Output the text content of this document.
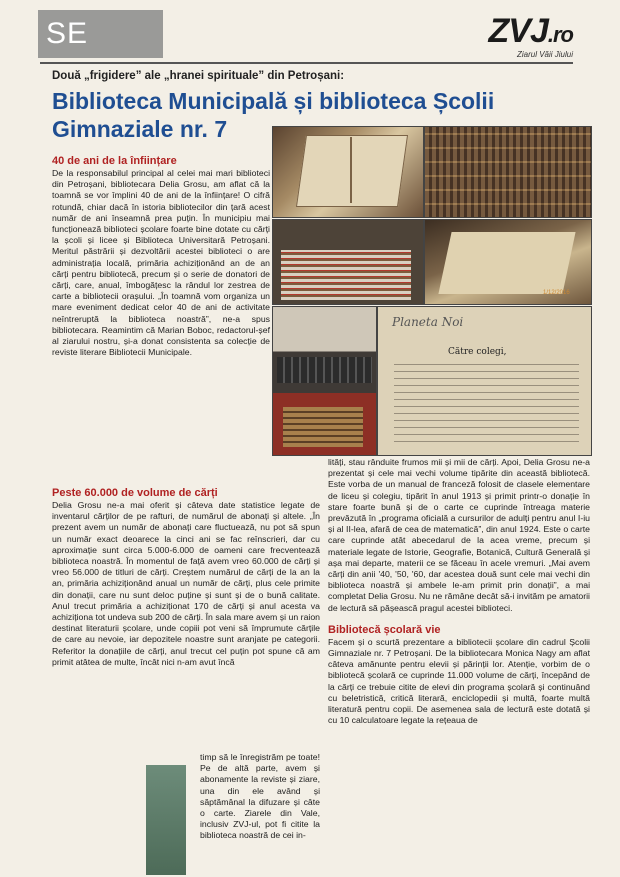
SE	ZVJ.ro
Ziarul Văii Jiului
Două „frigidere” ale „hranei spirituale” din Petroșani:
Biblioteca Municipală și biblioteca Școlii Gimnaziale nr. 7
1/12/2016
Planeta Noi
Către colegi,

40 de ani de la înființare

De la responsabilul principal al celei mai mari biblioteci din Petroșani, bibliotecara Delia Grosu, am aflat că la toamnă se vor împlini 40 de ani de la înființare! O cifră rotundă, chiar dacă în istoria bibliotecilor din țară acest număr de ani înseamnă prea puțin. În municipiu mai funcționează biblioteci școlare foarte bine dotate cu cărți la școli și licee și Biblioteca Universitară Petroșani. Meritul păstrării și dezvoltării acestei biblioteci o are administrația locală, primăria achiziționând an de an cărți pentru bibliotecă, precum și o serie de donatori de cărți, care, anual, îmbogățesc la rândul lor zestrea de carte a bibliotecii orașului. „În toamnă vom organiza un mare eveniment dedicat celor 40 de ani de activitate neîntreruptă la biblioteca noastră”, ne-a spus bibliotecara. Reamintim că Marian Boboc, redactorul-șef al ziarului nostru, și-a donat consistenta sa colecție de reviste literare Bibliotecii Municipale.

Peste 60.000 de volume de cărți

Delia Grosu ne-a mai oferit și câteva date statistice legate de inventarul cărților de pe rafturi, de numărul de abonați și altele. „În prezent avem un număr de abonați care fluctuează, nu pot să spun un număr exact deoarece la cinci ani se fac reînscrieri, dar cu aproximație sunt circa 5.000-6.000 de oameni care frecventează biblioteca noastră. În momentul de față avem vreo 60.000 de cărți și vreo 56.000 de titluri de cărți. Creștem numărul de cărți de la an la an, primăria achiziționând anual un număr de cărți, plus cele primite din donații, care nu sunt deloc puține și sunt și de o bună calitate. Anul trecut primăria a achiziționat 170 de cărți și anul acesta va achiziționa tot undeva sub 200 de cărți. În sala mare avem și un raion destinat literaturii școlare, unde copiii pot veni să împrumute cărțile de care au nevoie, iar depozitele noastre sunt aranjate pe categorii. Referitor la donațiile de cărți, anul trecut cel puțin pot spune că am primit atâtea de multe, încât nici n-am avut încă

timp să le înregistrăm pe toate! Pe de altă parte, avem și abonamente la reviste și ziare, una din ele având și săptămânal la difuzare și câte o carte. Ziarele din Vale, inclusiv ZVJ-ul, pot fi citite la biblioteca noastră de cei in-

lități, stau rânduite frumos mii și mii de cărți. Apoi, Delia Grosu ne-a prezentat și cele mai vechi volume tipărite din această bibliotecă. Este vorba de un manual de franceză folosit de clasele elementare de liceu și colegiu, tipărit în anul 1913 și primit printr-o donație în stare foarte bună și de o carte ce cuprinde întreaga materie prevăzută în „programa oficială a cursurilor de adulți pentru anul I-iu și al II-lea, afară de cea de matematică”, din anul 1924. Este o carte care cuprinde atât abecedarul de la acea vreme, precum și materiale legate de Istorie, Geografie, Botanică, Cultură Generală și așa mai departe, materii ce se făceau în acele vremuri. „Mai avem cărți din anii '40, '50, '60, dar acestea două sunt cele mai vechi din biblioteca noastră și ambele le-am primit prin donații”, a mai completat Delia Grosu. Nu ne rămâne decât să-i invităm pe amatorii de lectură să pășească pragul acestei biblioteci.

Bibliotecă școlară vie

Facem și o scurtă prezentare a bibliotecii școlare din cadrul Școlii Gimnaziale nr. 7 Petroșani. De la bibliotecara Monica Nagy am aflat câteva amănunte pentru elevii și părinții lor. Atenție, vorbim de o bibliotecă școlară ce cuprinde 11.000 volume de cărți, începând de la cărți ce trebuie citite de elevi din programa școlară și continuând cu beletristică, critică literară, enciclopedii și multă, foarte multă literatură pentru copii. De asemenea sala de lectură este dotată și cu 10 calculatoare legate la rețeaua de
